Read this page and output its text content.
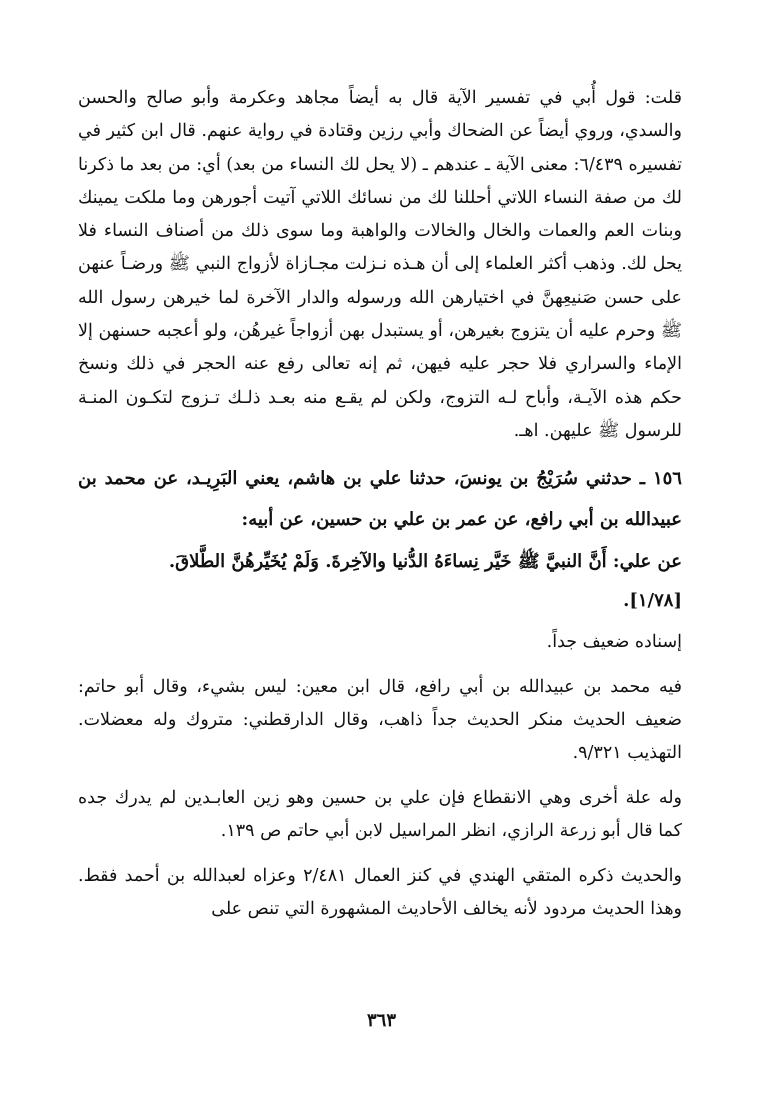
قلت: قول أُبي في تفسير الآية قال به أيضاً مجاهد وعكرمة وأبو صالح والحسن والسدي، وروي أيضاً عن الضحاك وأبي رزين وقتادة في رواية عنهم. قال ابن كثير في تفسيره ٦/٤٣٩: معنى الآية ـ عندهم ـ (لا يحل لك النساء من بعد) أي: من بعد ما ذكرنا لك من صفة النساء اللاتي أحللنا لك من نسائك اللاتي آتيت أجورهن وما ملكت يمينك وبنات العم والعمات والخال والخالات والواهبة وما سوى ذلك من أصناف النساء فلا يحل لك. وذهب أكثر العلماء إلى أن هـذه نـزلت مجـازاة لأزواج النبي ﷺ ورضـاً عنهن على حسن صَنيعِهنَّ في اختيارهن الله ورسوله والدار الآخرة لما خيرهن رسول الله ﷺ وحرم عليه أن يتزوج بغيرهن، أو يستبدل بهن أزواجاً غيرهُن، ولو أعجبه حسنهن إلا الإماء والسراري فلا حجر عليه فيهن، ثم إنه تعالى رفع عنه الحجر في ذلك ونسخ حكم هذه الآيـة، وأباح لـه التزوج، ولكن لم يقـع منه بعـد ذلـك تـزوج لتكـون المنـة للرسول ﷺ عليهن. اهـ.

١٥٦ ـ حدثني سُرَيْجُ بن يونسَ، حدثنا علي بن هاشم، يعني البَرِيـد، عن محمد بن عبيدالله بن أبي رافع، عن عمر بن علي بن حسين، عن أبيه:
عن علي: أَنَّ النبيَّ ﷺ خَيَّر نِساءَهُ الدُّنيا والآخِرةَ. وَلَمْ يُخَيِّرهُنَّ الطَّلاقَ.
[١/٧٨].

إسناده ضعيف جداً.

فيه محمد بن عبيدالله بن أبي رافع، قال ابن معين: ليس بشيء، وقال أبو حاتم: ضعيف الحديث منكر الحديث جداً ذاهب، وقال الدارقطني: متروك وله معضلات. التهذيب ٩/٣٢١.

وله علة أخرى وهي الانقطاع فإن علي بن حسين وهو زين العابـدين لم يدرك جده كما قال أبو زرعة الرازي، انظر المراسيل لابن أبي حاتم ص ١٣٩.

والحديث ذكره المتقي الهندي في كنز العمال ٢/٤٨١ وعزاه لعبدالله بن أحمد فقط. وهذا الحديث مردود لأنه يخالف الأحاديث المشهورة التي تنص على

٣٦٣
